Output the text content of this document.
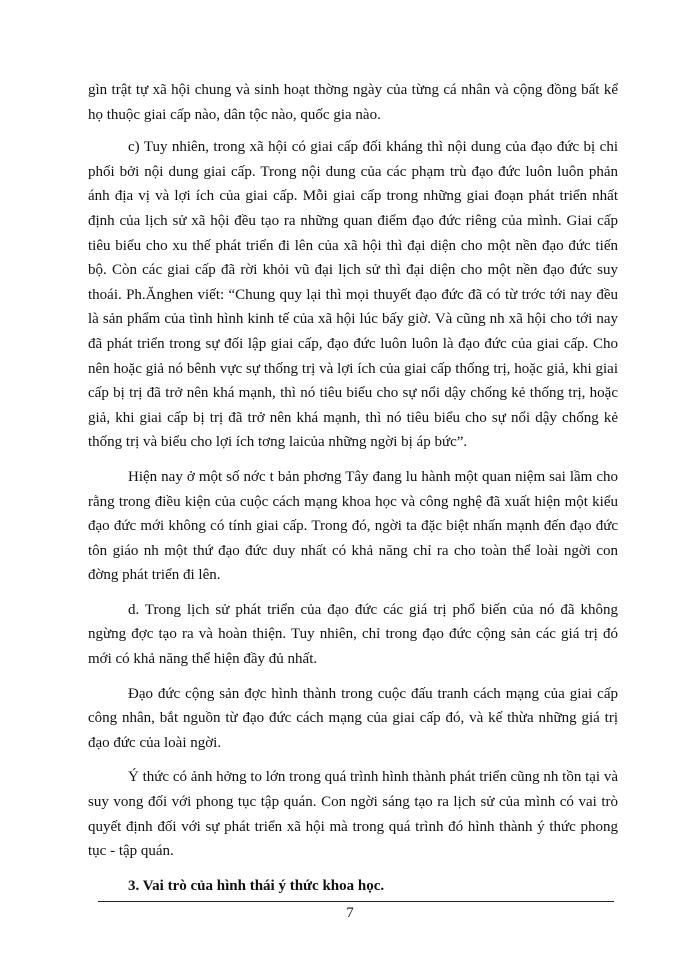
gìn trật tự xã hội chung và sinh hoạt thờng ngày của từng cá nhân và cộng đồng bất kể họ thuộc giai cấp nào, dân tộc nào, quốc gia nào.

c) Tuy nhiên, trong xã hội có giai cấp đối kháng thì nội dung của đạo đức bị chi phối bởi nội dung giai cấp. Trong nội dung của các phạm trù đạo đức luôn luôn phản ánh địa vị và lợi ích của giai cấp. Mỗi giai cấp trong những giai đoạn phát triển nhất định của lịch sử xã hội đều tạo ra những quan điểm đạo đức riêng của mình. Giai cấp tiêu biểu cho xu thế phát triển đi lên của xã hội thì đại diện cho một nền đạo đức tiến bộ. Còn các giai cấp đã rời khỏi vũ đại lịch sử thì đại diện cho một nền đạo đức suy thoái. Ph.Ănghen viết: “Chung quy lại thì mọi thuyết đạo đức đã có từ trớc tới nay đều là sản phẩm của tình hình kinh tế của xã hội lúc bấy giờ. Và cũng nh xã hội cho tới nay đã phát triển trong sự đối lập giai cấp, đạo đức luôn luôn là đạo đức của giai cấp. Cho nên hoặc giả nó bênh vực sự thống trị và lợi ích của giai cấp thống trị, hoặc giả, khi giai cấp bị trị đã trở nên khá mạnh, thì nó tiêu biểu cho sự nổi dậy chống kẻ thống trị, hoặc giả, khi giai cấp bị trị đã trở nên khá mạnh, thì nó tiêu biểu cho sự nổi dậy chống kẻ thống trị và biểu cho lợi ích tơng laicủa những ngời bị áp bức”.

Hiện nay ở một số nớc t bản phơng Tây đang lu hành một quan niệm sai lầm cho rằng trong điều kiện của cuộc cách mạng khoa học và công nghệ đã xuất hiện một kiểu đạo đức mới không có tính giai cấp. Trong đó, ngời ta đặc biệt nhấn mạnh đến đạo đức tôn giáo nh một thứ đạo đức duy nhất có khả năng chỉ ra cho toàn thể loài ngời con đờng phát triển đi lên.

d. Trong lịch sử phát triển của đạo đức các giá trị phổ biến của nó đã không ngừng đợc tạo ra và hoàn thiện. Tuy nhiên, chỉ trong đạo đức cộng sản các giá trị đó mới có khả năng thể hiện đầy đủ nhất.

Đạo đức cộng sản đợc hình thành trong cuộc đấu tranh cách mạng của giai cấp công nhân, bắt nguồn từ đạo đức cách mạng của giai cấp đó, và kế thừa những giá trị đạo đức của loài ngời.

Ý thức có ảnh hởng to lớn trong quá trình hình thành phát triển cũng nh tồn tại và suy vong đối với phong tục tập quán. Con ngời sáng tạo ra lịch sử của mình có vai trò quyết định đối với sự phát triển xã hội mà trong quá trình đó hình thành ý thức phong tục - tập quán.

3. Vai trò của hình thái ý thức khoa học.

7
